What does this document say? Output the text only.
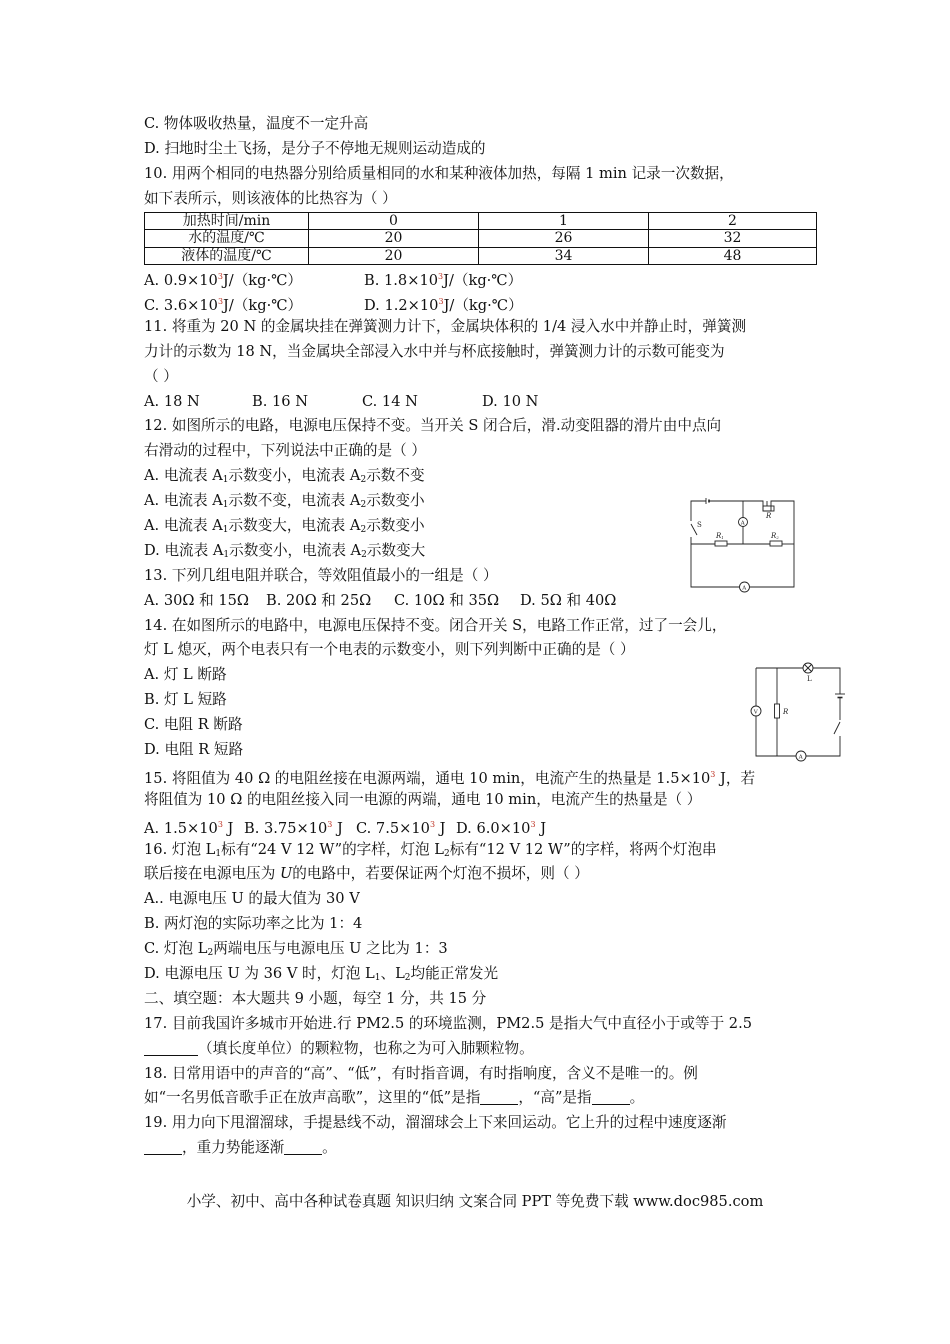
C. 物体吸收热量，温度不一定升高
D. 扫地时尘土飞扬，是分子不停地无规则运动造成的
10. 用两个相同的电热器分别给质量相同的水和某种液体加热，每隔 1 min 记录一次数据，
如下表所示，则该液体的比热容为（ ）
加热时间/min	0	1	2
水的温度/℃	20	26	32
液体的温度/℃	20	34	48
A. $0.9\times 10^3J/(kg\cdot℃)$	B. $1.8\times 10^3J/(kg\cdot℃)$
C. $3.6\times 10^3J/(kg\cdot℃)$	D. $1.2\times 10^3J/(kg\cdot℃)$
11. 将重为 20 N 的金属块挂在弹簧测力计下，金属块体积的 1/4 浸入水中并静止时，弹簧测
力计的示数为 18 N，当金属块全部浸入水中并与杯底接触时，弹簧测力计的示数可能变为
（ ）
A. 18 N	B. 16 N	C. 14 N	D. 10 N
12. 如图所示的电路，电源电压保持不变。当开关 S 闭合后，滑.动变阻器的滑片由中点向
右滑动的过程中，下列说法中正确的是（ ）
A. 电流表 $A_1$示数变小，电流表 $A_2$示数不变
A. 电流表 $A_1$示数不变，电流表 $A_2$示数变小
A. 电流表 $A_1$示数变大，电流表 $A_2$示数变小
D. 电流表 $A_1$示数变小，电流表 $A_2$示数变大
13. 下列几组电阻并联合，等效阻值最小的一组是（ ）
A. 30Ω 和 15Ω B. 20Ω 和 25Ω C. 10Ω 和 35Ω D. 5Ω 和 40Ω
14. 在如图所示的电路中，电源电压保持不变。闭合开关 S，电路工作正常，过了一会儿，
灯 L 熄灭，两个电表只有一个电表的示数变小，则下列判断中正确的是（ ）
A. 灯 L 断路
B. 灯 L 短路
C. 电阻 R 断路
D. 电阻 R 短路
15. 将阻值为 40 Ω 的电阻丝接在电源两端，通电 10 min，电流产生的热量是 $1.5\times 10^3$ J，若
将阻值为 10 Ω 的电阻丝接入同一电源的两端，通电 10 min，电流产生的热量是（ ）
A. $1.5\times 10^3$ J B. $3.75\times 10^3$ J C. $7.5\times 10^3$ J D. $6.0\times 10^3$ J
16. 灯泡 $L_1$标有“24 V 12 W”的字样，灯泡 $L_2$标有“12 V 12 W”的字样，将两个灯泡串
联后接在电源电压为 U的电路中，若要保证两个灯泡不损坏，则（ ）
A.. 电源电压 U 的最大值为 30 V
B. 两灯泡的实际功率之比为 1：4
C. 灯泡 $L_2$两端电压与电源电压 U 之比为 1：3
D. 电源电压 U 为 36 V 时，灯泡 $L_1$、$L_2$均能正常发光
二、填空题：本大题共 9 小题，每空 1 分，共 15 分
17. 目前我国许多城市开始进.行 PM2.5 的环境监测，PM2.5 是指大气中直径小于或等于 2.5
（填长度单位）的颗粒物，也称之为可入肺颗粒物。
18. 日常用语中的声音的“高”、“低”，有时指音调，有时指响度，含义不是唯一的。例
如“一名男低音歌手正在放声高歌”，这里的“低”是指	，“高”是指	。
19. 用力向下甩溜溜球，手提悬线不动，溜溜球会上下来回运动。它上升的过程中速度逐渐
，重力势能逐渐	。
R
S
R1	R2
A
A
L
A
V	R
小学、初中、高中各种试卷真题 知识归纳 文案合同 PPT 等免费下载 www.doc985.com
